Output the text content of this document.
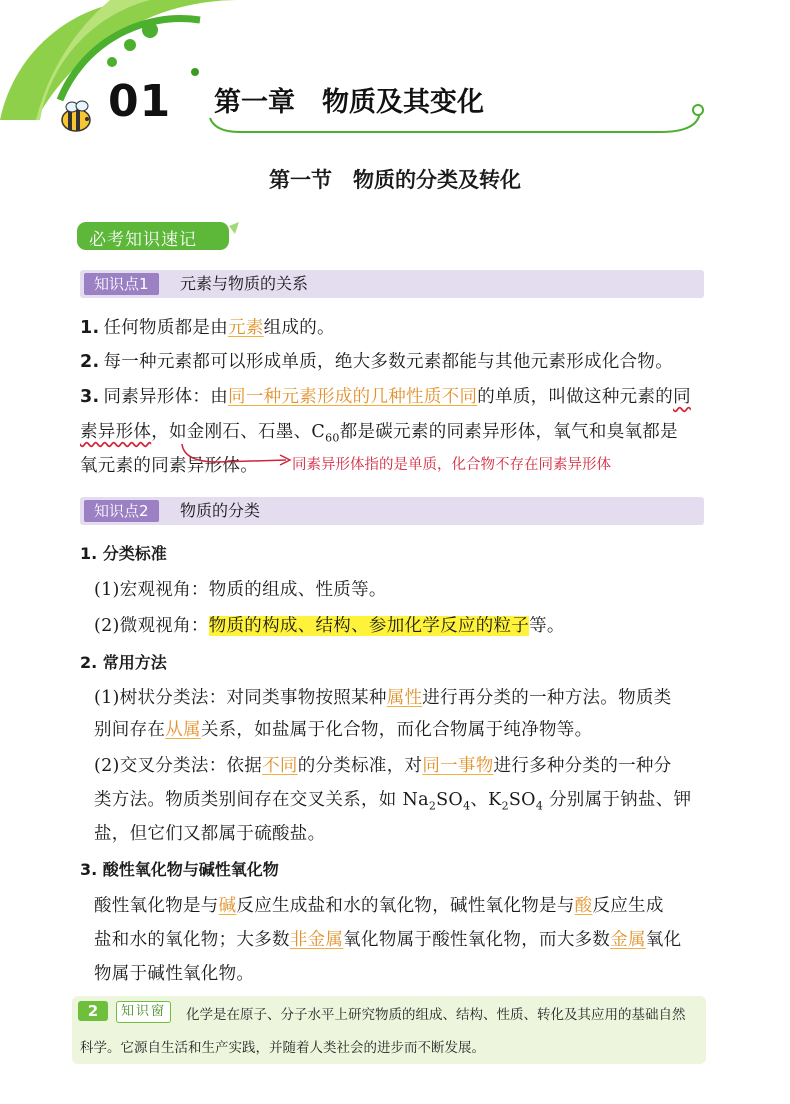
01 第一章　物质及其变化
第一节　物质的分类及转化
必考知识速记
知识点1	元素与物质的关系
1. 任何物质都是由元素组成的。
2. 每一种元素都可以形成单质，绝大多数元素都能与其他元素形成化合物。
3. 同素异形体：由同一种元素形成的几种性质不同的单质，叫做这种元素的同
素异形体，如金刚石、石墨、$C_{60}$都是碳元素的同素异形体，氧气和臭氧都是
氧元素的同素异形体。 同素异形体指的是单质，化合物不存在同素异形体
知识点2	物质的分类
1. 分类标准
(1)宏观视角：物质的组成、性质等。
(2)微观视角：物质的构成、结构、参加化学反应的粒子等。
2. 常用方法
(1)树状分类法：对同类事物按照某种属性进行再分类的一种方法。物质类
别间存在从属关系，如盐属于化合物，而化合物属于纯净物等。
(2)交叉分类法：依据不同的分类标准，对同一事物进行多种分类的一种分
类方法。物质类别间存在交叉关系，如 $Na_2SO_4$、$K_2SO_4$ 分别属于钠盐、钾
盐，但它们又都属于硫酸盐。
3. 酸性氧化物与碱性氧化物
酸性氧化物是与碱反应生成盐和水的氧化物，碱性氧化物是与酸反应生成
盐和水的氧化物；大多数非金属氧化物属于酸性氧化物，而大多数金属氧化
物属于碱性氧化物。
2	知识窗	化学是在原子、分子水平上研究物质的组成、结构、性质、转化及其应用的基础自然
科学。它源自生活和生产实践，并随着人类社会的进步而不断发展。
